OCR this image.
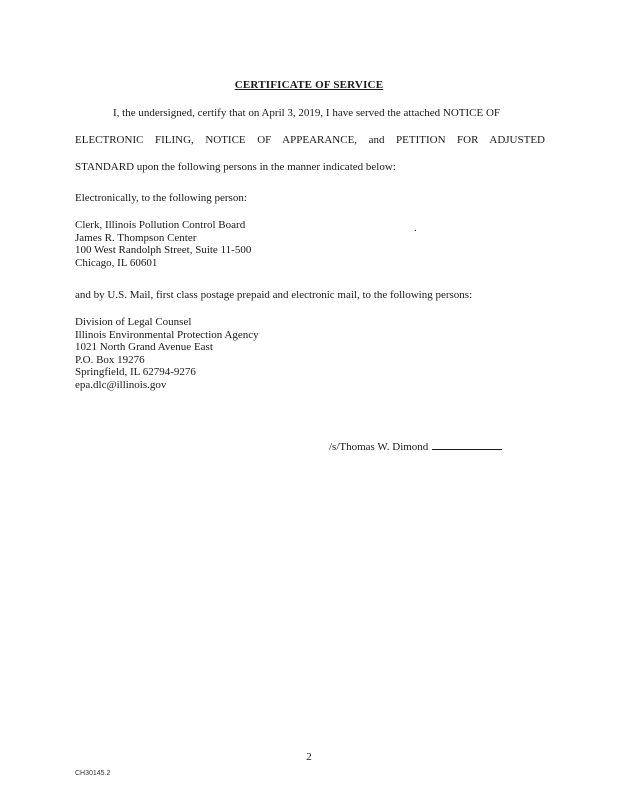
CERTIFICATE OF SERVICE
I, the undersigned, certify that on April 3, 2019, I have served the attached NOTICE OF
ELECTRONIC FILING, NOTICE OF APPEARANCE, and PETITION FOR ADJUSTED
STANDARD upon the following persons in the manner indicated below:
Electronically, to the following person:
Clerk, Illinois Pollution Control Board
James R. Thompson Center
100 West Randolph Street, Suite 11-500
Chicago, IL 60601
.
and by U.S. Mail, first class postage prepaid and electronic mail, to the following persons:
Division of Legal Counsel
Illinois Environmental Protection Agency
1021 North Grand Avenue East
P.O. Box 19276
Springfield, IL 62794-9276
epa.dlc@illinois.gov
/s/Thomas W. Dimond
2
CH30145.2
